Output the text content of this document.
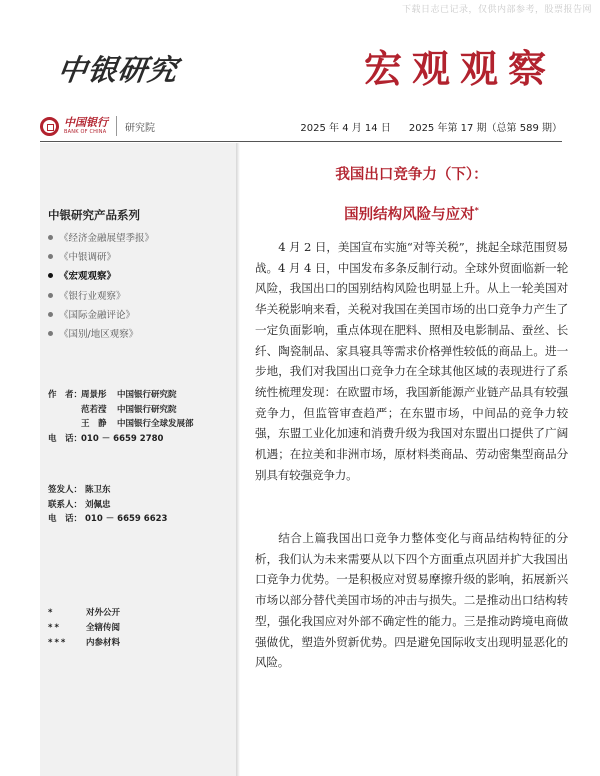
下载日志已记录，仅供内部参考，股票报告网
中银研究	宏观观察
中国银行
BANK OF CHINA 研究院	2025 年 4 月 14 日 2025 年第 17 期（总第 589 期）
中银研究产品系列
《经济金融展望季报》
《中银调研》
《宏观观察》
《银行业观察》
《国际金融评论》
《国别/地区观察》
作　者：
周景彤	中国银行研究院
范若滢	中国银行研究院
王　静	中国银行全球发展部
电　话：
010 － 6659 2780
签发人： 陈卫东
联系人： 刘佩忠
电　话： 010 － 6659 6623
*	对外公开
**	全辖传阅
***	内参材料
我国出口竞争力（下）：
国别结构风险与应对*

4 月 2 日，美国宣布实施“对等关税”，挑起全球范围贸易战。4 月 4 日，中国发布多条反制行动。全球外贸面临新一轮风险，我国出口的国别结构风险也明显上升。从上一轮美国对华关税影响来看，关税对我国在美国市场的出口竞争力产生了一定负面影响，重点体现在肥料、照相及电影制品、蚕丝、长纤、陶瓷制品、家具寝具等需求价格弹性较低的商品上。进一步地，我们对我国出口竞争力在全球其他区域的表现进行了系统性梳理发现：在欧盟市场，我国新能源产业链产品具有较强竞争力，但监管审查趋严；在东盟市场，中间品的竞争力较强，东盟工业化加速和消费升级为我国对东盟出口提供了广阔机遇；在拉美和非洲市场，原材料类商品、劳动密集型商品分别具有较强竞争力。

结合上篇我国出口竞争力整体变化与商品结构特征的分析，我们认为未来需要从以下四个方面重点巩固并扩大我国出口竞争力优势。一是积极应对贸易摩擦升级的影响，拓展新兴市场以部分替代美国市场的冲击与损失。二是推动出口结构转型，强化我国应对外部不确定性的能力。三是推动跨境电商做强做优，塑造外贸新优势。四是避免国际收支出现明显恶化的风险。
